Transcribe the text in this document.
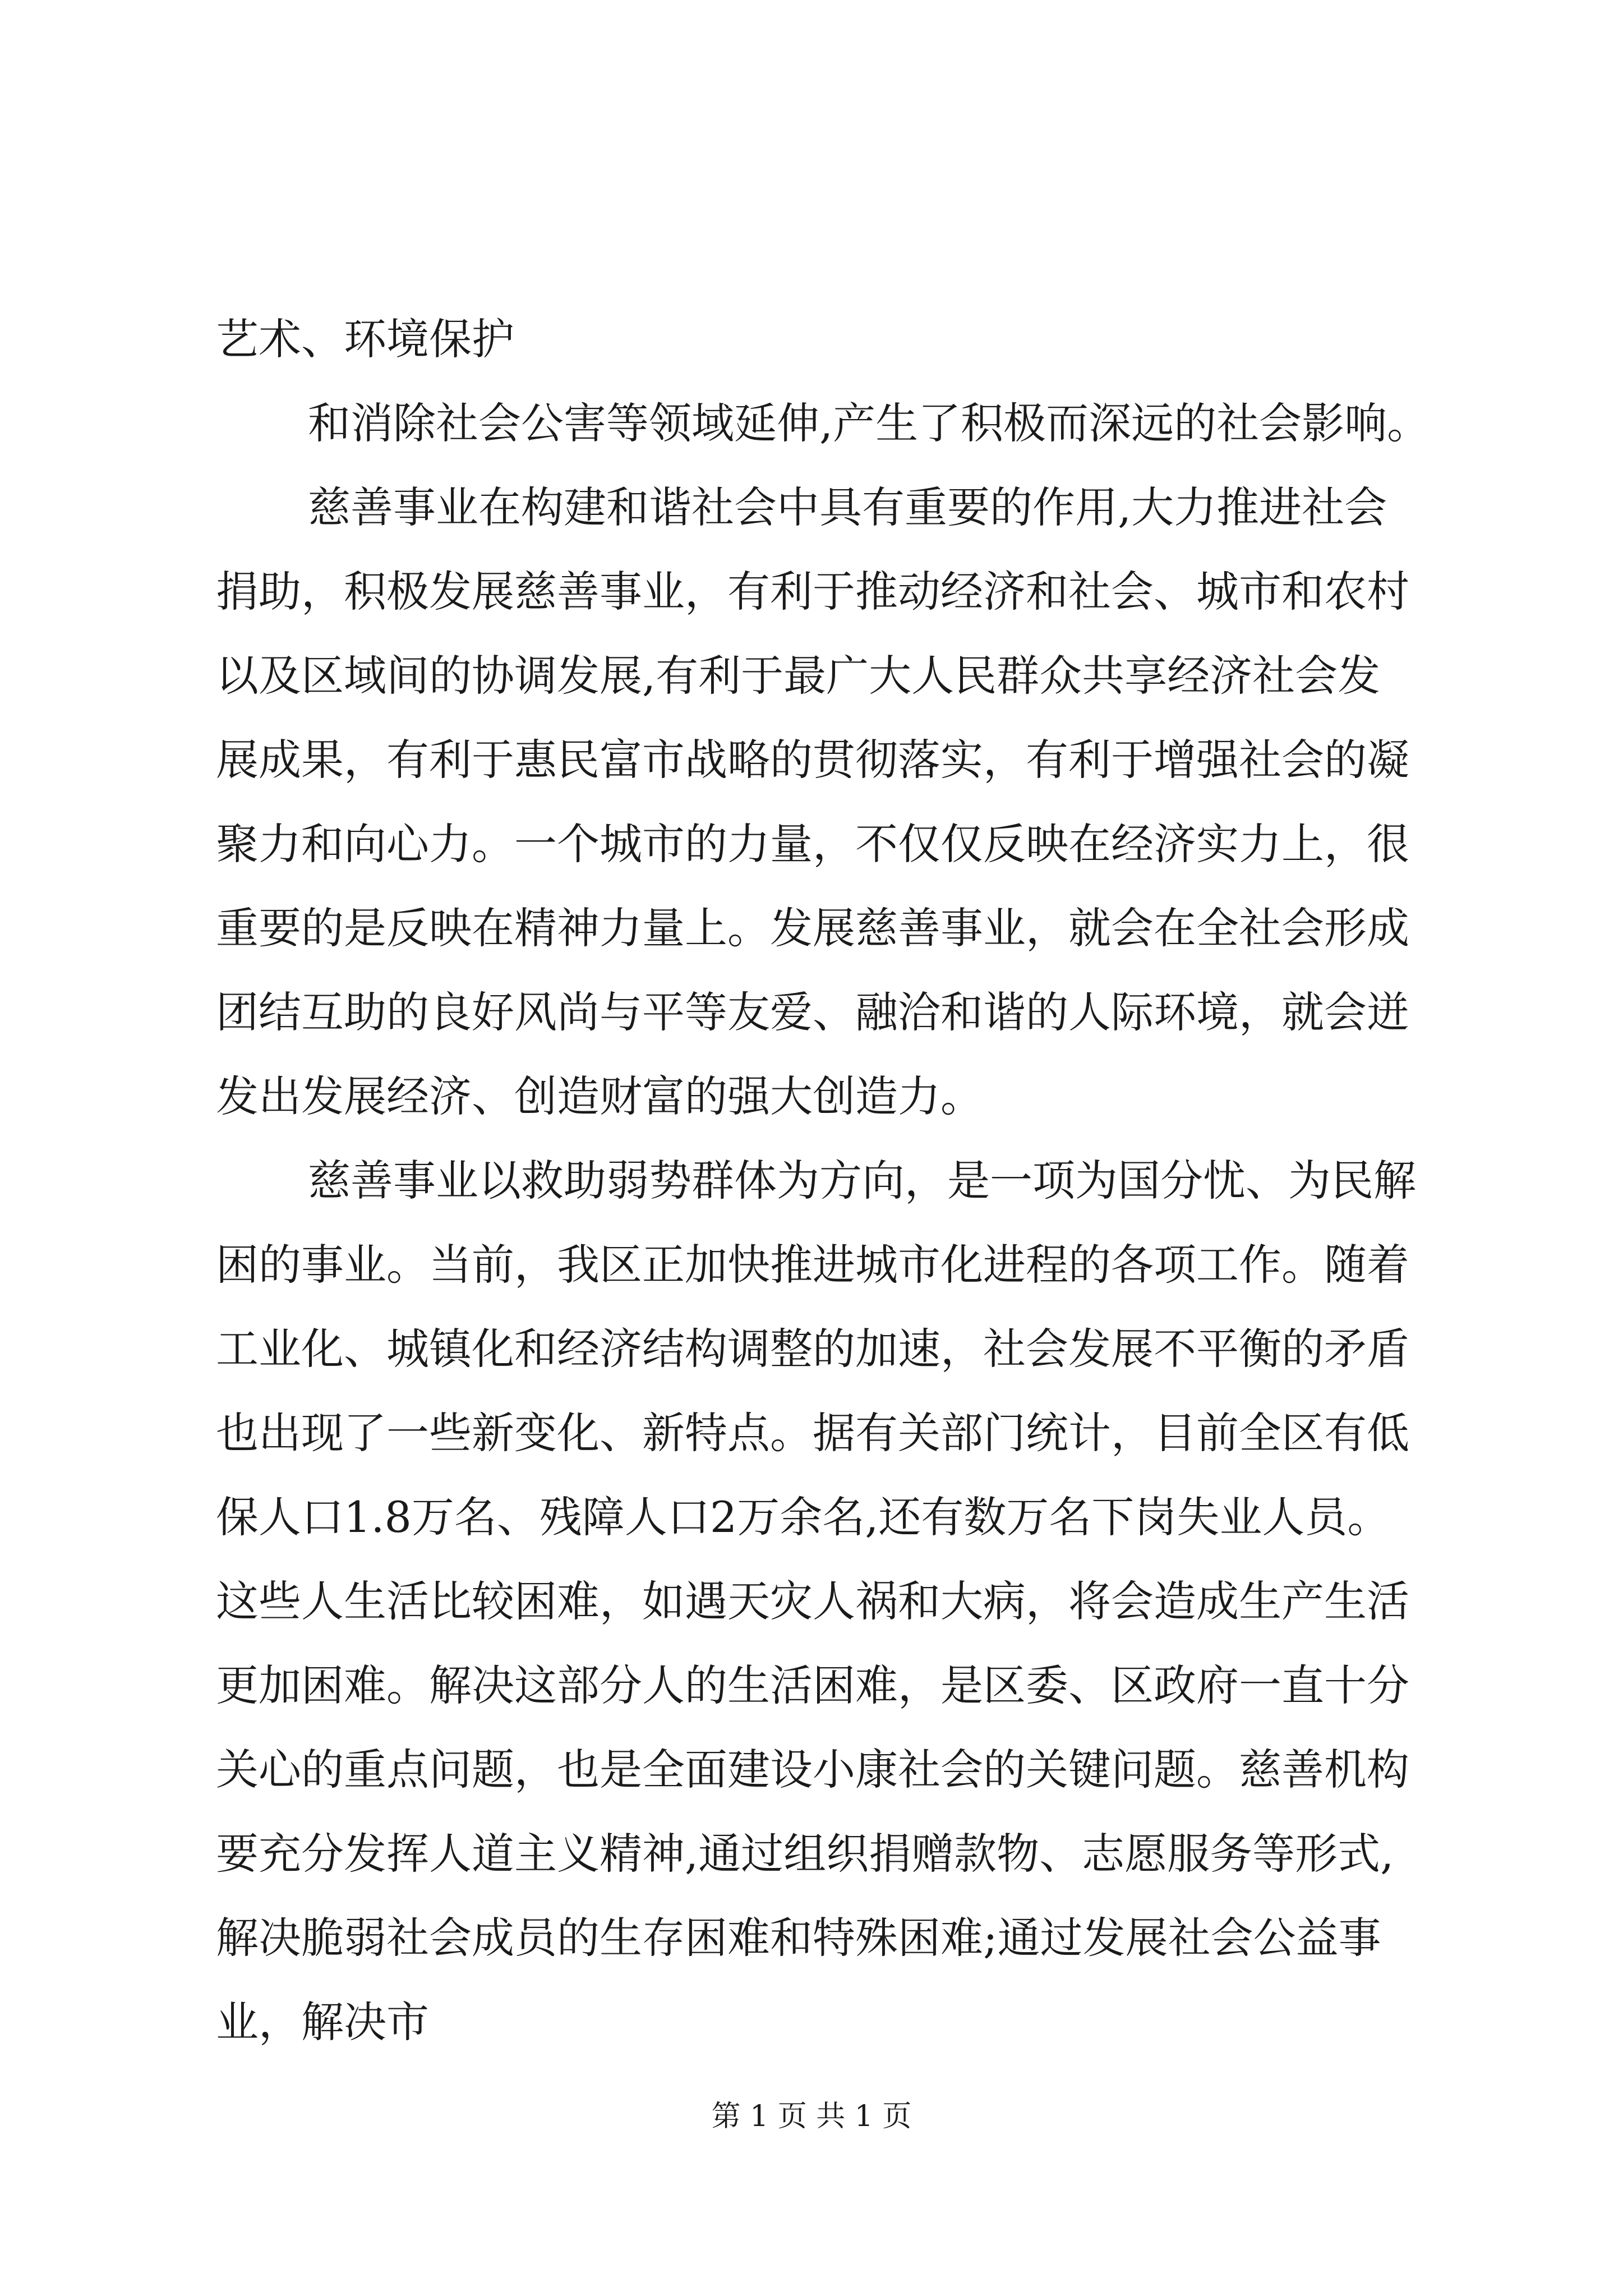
艺术、环境保护
和消除社会公害等领域延伸,产生了积极而深远的社会影响。
慈善事业在构建和谐社会中具有重要的作用,大力推进社会
捐助，积极发展慈善事业，有利于推动经济和社会、城市和农村
以及区域间的协调发展,有利于最广大人民群众共享经济社会发
展成果，有利于惠民富市战略的贯彻落实，有利于增强社会的凝
聚力和向心力。一个城市的力量，不仅仅反映在经济实力上，很
重要的是反映在精神力量上。发展慈善事业，就会在全社会形成
团结互助的良好风尚与平等友爱、融洽和谐的人际环境，就会迸
发出发展经济、创造财富的强大创造力。
慈善事业以救助弱势群体为方向，是一项为国分忧、为民解
困的事业。当前，我区正加快推进城市化进程的各项工作。随着
工业化、城镇化和经济结构调整的加速，社会发展不平衡的矛盾
也出现了一些新变化、新特点。据有关部门统计，目前全区有低
保人口1.8万名、残障人口2万余名,还有数万名下岗失业人员。
这些人生活比较困难，如遇天灾人祸和大病，将会造成生产生活
更加困难。解决这部分人的生活困难，是区委、区政府一直十分
关心的重点问题，也是全面建设小康社会的关键问题。慈善机构
要充分发挥人道主义精神,通过组织捐赠款物、志愿服务等形式,
解决脆弱社会成员的生存困难和特殊困难;通过发展社会公益事
业，解决市
第 1 页 共 1 页
